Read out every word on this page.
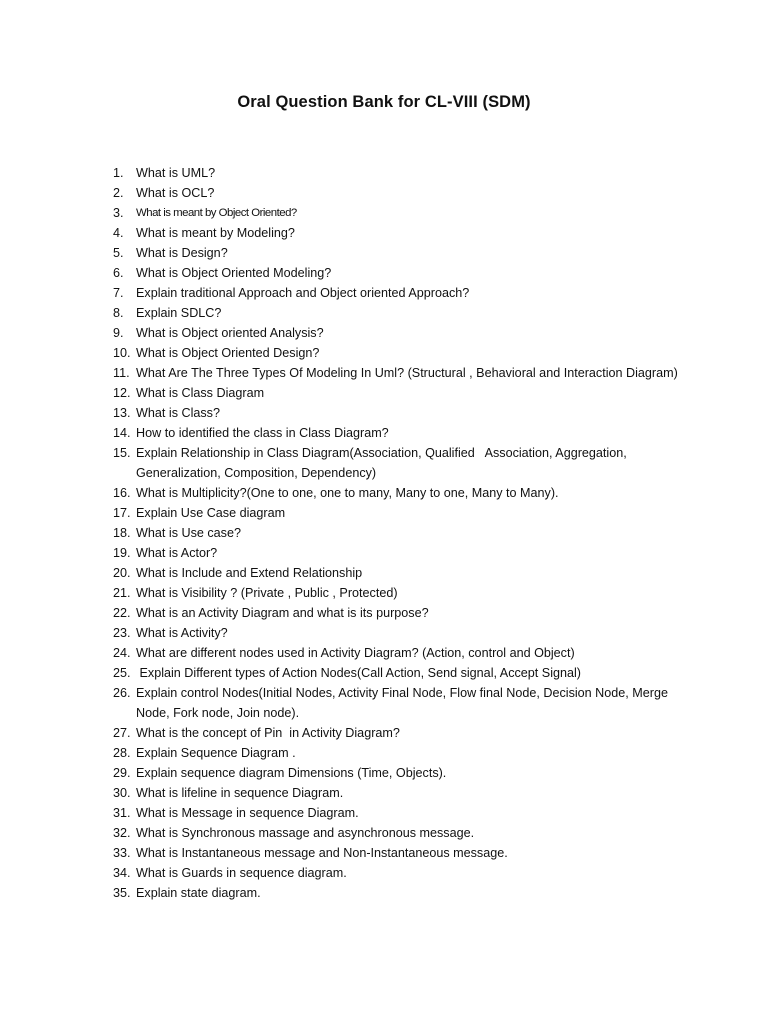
Oral Question Bank for CL-VIII (SDM)
1. What is UML?
2. What is OCL?
3. What is meant by Object Oriented?
4. What is meant by Modeling?
5. What is Design?
6. What is Object Oriented Modeling?
7. Explain traditional Approach and Object oriented Approach?
8. Explain SDLC?
9. What is Object oriented Analysis?
10. What is Object Oriented Design?
11. What Are The Three Types Of Modeling In Uml? (Structural , Behavioral and Interaction Diagram)
12. What is Class Diagram
13. What is Class?
14. How to identified the class in Class Diagram?
15. Explain Relationship in Class Diagram(Association, Qualified   Association, Aggregation, Generalization, Composition, Dependency)
16. What is Multiplicity?(One to one, one to many, Many to one, Many to Many).
17. Explain Use Case diagram
18. What is Use case?
19. What is Actor?
20. What is Include and Extend Relationship
21. What is Visibility ? (Private , Public , Protected)
22. What is an Activity Diagram and what is its purpose?
23. What is Activity?
24. What are different nodes used in Activity Diagram? (Action, control and Object)
25. Explain Different types of Action Nodes(Call Action, Send signal, Accept Signal)
26. Explain control Nodes(Initial Nodes, Activity Final Node, Flow final Node, Decision Node, Merge Node, Fork node, Join node).
27. What is the concept of Pin  in Activity Diagram?
28. Explain Sequence Diagram .
29. Explain sequence diagram Dimensions (Time, Objects).
30. What is lifeline in sequence Diagram.
31. What is Message in sequence Diagram.
32. What is Synchronous massage and asynchronous message.
33. What is Instantaneous message and Non-Instantaneous message.
34. What is Guards in sequence diagram.
35. Explain state diagram.
